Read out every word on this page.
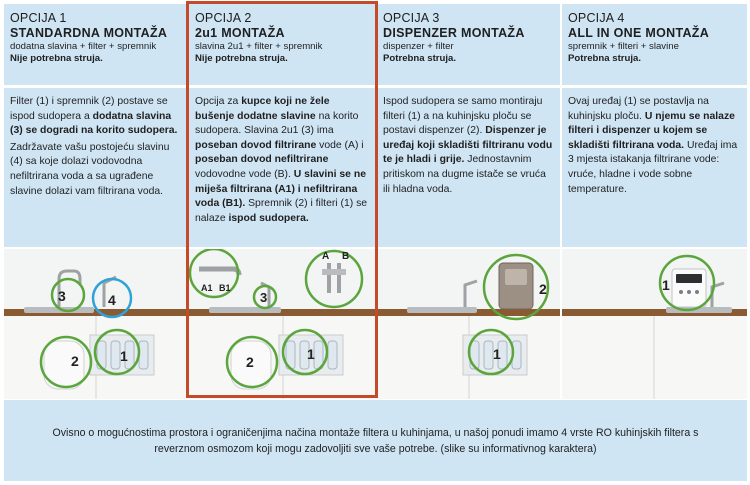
OPCIJA 1
STANDARDNA MONTAŽA
dodatna slavina + filter + spremnik
Nije potrebna struja.

Filter (1) i spremnik (2) postave se ispod sudopera a dodatna slavina (3) se dogradi na korito sudopera.

Zadržavate vašu postojeću slavinu (4) sa koje dolazi vodovodna nefiltrirana voda a sa ugrađene slavine dolazi vam filtrirana voda.

3	4
2	1
OPCIJA 2
2u1 MONTAŽA
slavina 2u1 + filter + spremnik
Nije potrebna struja.

Opcija za kupce koji ne žele bušenje dodatne slavine na korito sudopera. Slavina 2u1 (3) ima poseban dovod filtrirane vode (A) i poseban dovod nefiltrirane vodovodne vode (B). U slavini se ne miješa filtrirana (A1) i nefiltrirana voda (B1). Spremnik (2) i filteri (1) se nalaze ispod sudopera.

A B
A1 B1
3
2	1
OPCIJA 3
DISPENZER MONTAŽA
dispenzer + filter
Potrebna struja.

Ispod sudopera se samo montiraju filteri (1) a na kuhinjsku ploču se postavi dispenzer (2). Dispenzer je uređaj koji skladišti filtriranu vodu te je hladi i grije. Jednostavnim pritiskom na dugme istače se vruća ili hladna voda.

2
1
OPCIJA 4
ALL IN ONE MONTAŽA
spremnik + filteri + slavine
Potrebna struja.

Ovaj uređaj (1) se postavlja na kuhinjsku ploču. U njemu se nalaze filteri i dispenzer u kojem se skladišti filtrirana voda. Uređaj ima 3 mjesta istakanja filtrirane vode: vruće, hladne i vode sobne temperature.

1
Ovisno o mogućnostima prostora i ograničenjima načina montaže filtera u kuhinjama, u našoj ponudi imamo 4 vrste RO kuhinjskih filtera s reverznom osmozom koji mogu zadovoljiti sve vaše potrebe. (slike su informativnog karaktera)
